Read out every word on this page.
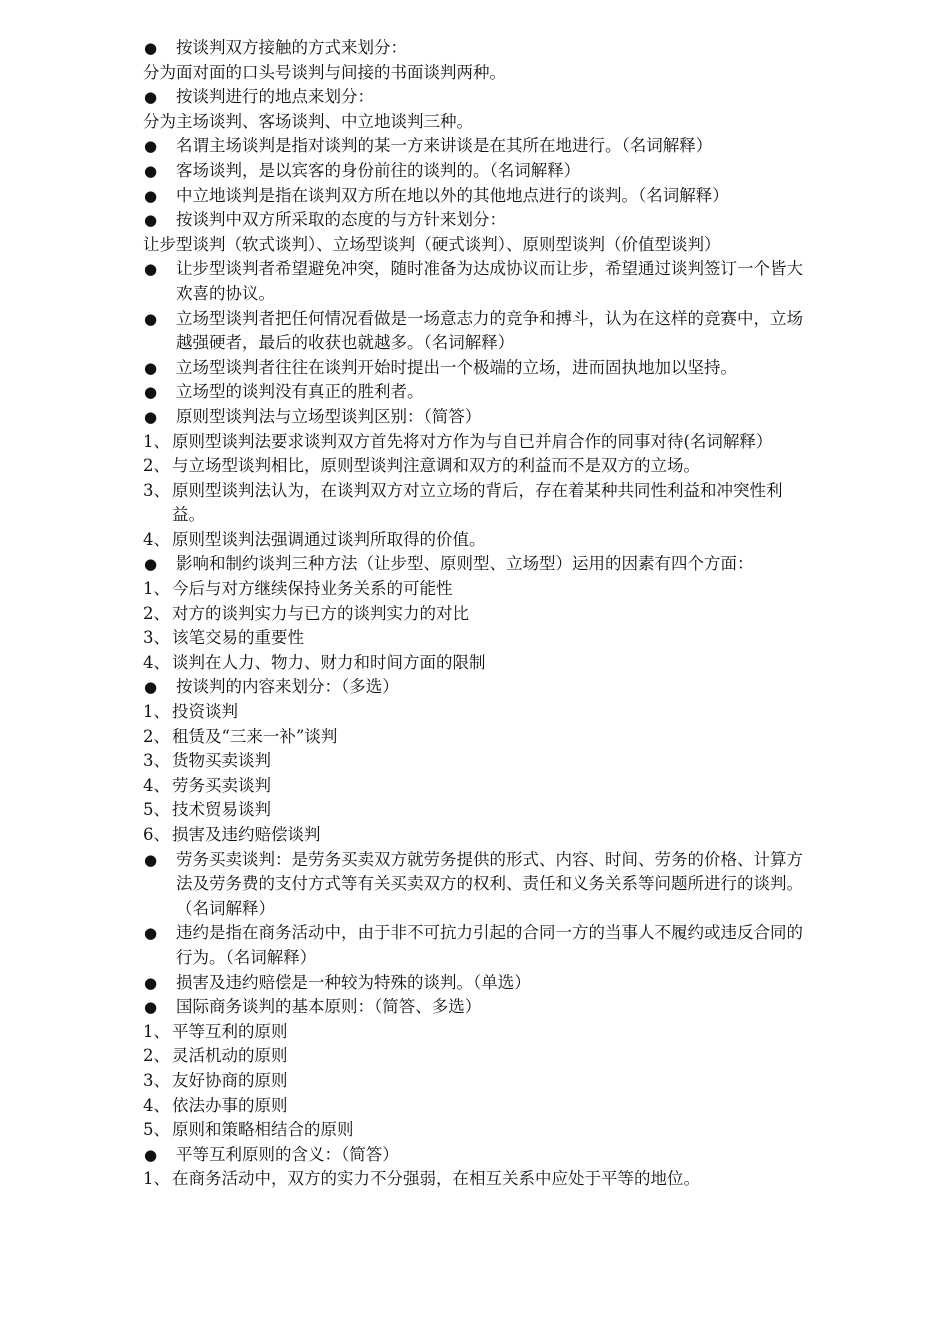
● 按谈判双方接触的方式来划分：
分为面对面的口头号谈判与间接的书面谈判两种。
● 按谈判进行的地点来划分：
分为主场谈判、客场谈判、中立地谈判三种。
● 名谓主场谈判是指对谈判的某一方来讲谈是在其所在地进行。（名词解释）
● 客场谈判，是以宾客的身份前往的谈判的。（名词解释）
● 中立地谈判是指在谈判双方所在地以外的其他地点进行的谈判。（名词解释）
● 按谈判中双方所采取的态度的与方针来划分：
让步型谈判（软式谈判）、立场型谈判（硬式谈判）、原则型谈判（价值型谈判）
● 让步型谈判者希望避免冲突，随时准备为达成协议而让步，希望通过谈判签订一个皆大欢喜的协议。
● 立场型谈判者把任何情况看做是一场意志力的竞争和搏斗，认为在这样的竞赛中，立场越强硬者，最后的收获也就越多。（名词解释）
● 立场型谈判者往往在谈判开始时提出一个极端的立场，进而固执地加以坚持。
● 立场型的谈判没有真正的胜利者。
● 原则型谈判法与立场型谈判区别：（简答）
1、 原则型谈判法要求谈判双方首先将对方作为与自已并肩合作的同事对待(名词解释）
2、 与立场型谈判相比，原则型谈判注意调和双方的利益而不是双方的立场。
3、 原则型谈判法认为，在谈判双方对立立场的背后，存在着某种共同性利益和冲突性利益。
4、 原则型谈判法强调通过谈判所取得的价值。
● 影响和制约谈判三种方法（让步型、原则型、立场型）运用的因素有四个方面：
1、 今后与对方继续保持业务关系的可能性
2、 对方的谈判实力与已方的谈判实力的对比
3、 该笔交易的重要性
4、 谈判在人力、物力、财力和时间方面的限制
● 按谈判的内容来划分：（多选）
1、 投资谈判
2、 租赁及“三来一补”谈判
3、 货物买卖谈判
4、 劳务买卖谈判
5、 技术贸易谈判
6、 损害及违约赔偿谈判
● 劳务买卖谈判：是劳务买卖双方就劳务提供的形式、内容、时间、劳务的价格、计算方法及劳务费的支付方式等有关买卖双方的权利、责任和义务关系等问题所进行的谈判。（名词解释）
● 违约是指在商务活动中，由于非不可抗力引起的合同一方的当事人不履约或违反合同的行为。（名词解释）
● 损害及违约赔偿是一种较为特殊的谈判。（单选）
● 国际商务谈判的基本原则：（简答、多选）
1、 平等互利的原则
2、 灵活机动的原则
3、 友好协商的原则
4、 依法办事的原则
5、 原则和策略相结合的原则
● 平等互利原则的含义：（简答）
1、 在商务活动中，双方的实力不分强弱，在相互关系中应处于平等的地位。
